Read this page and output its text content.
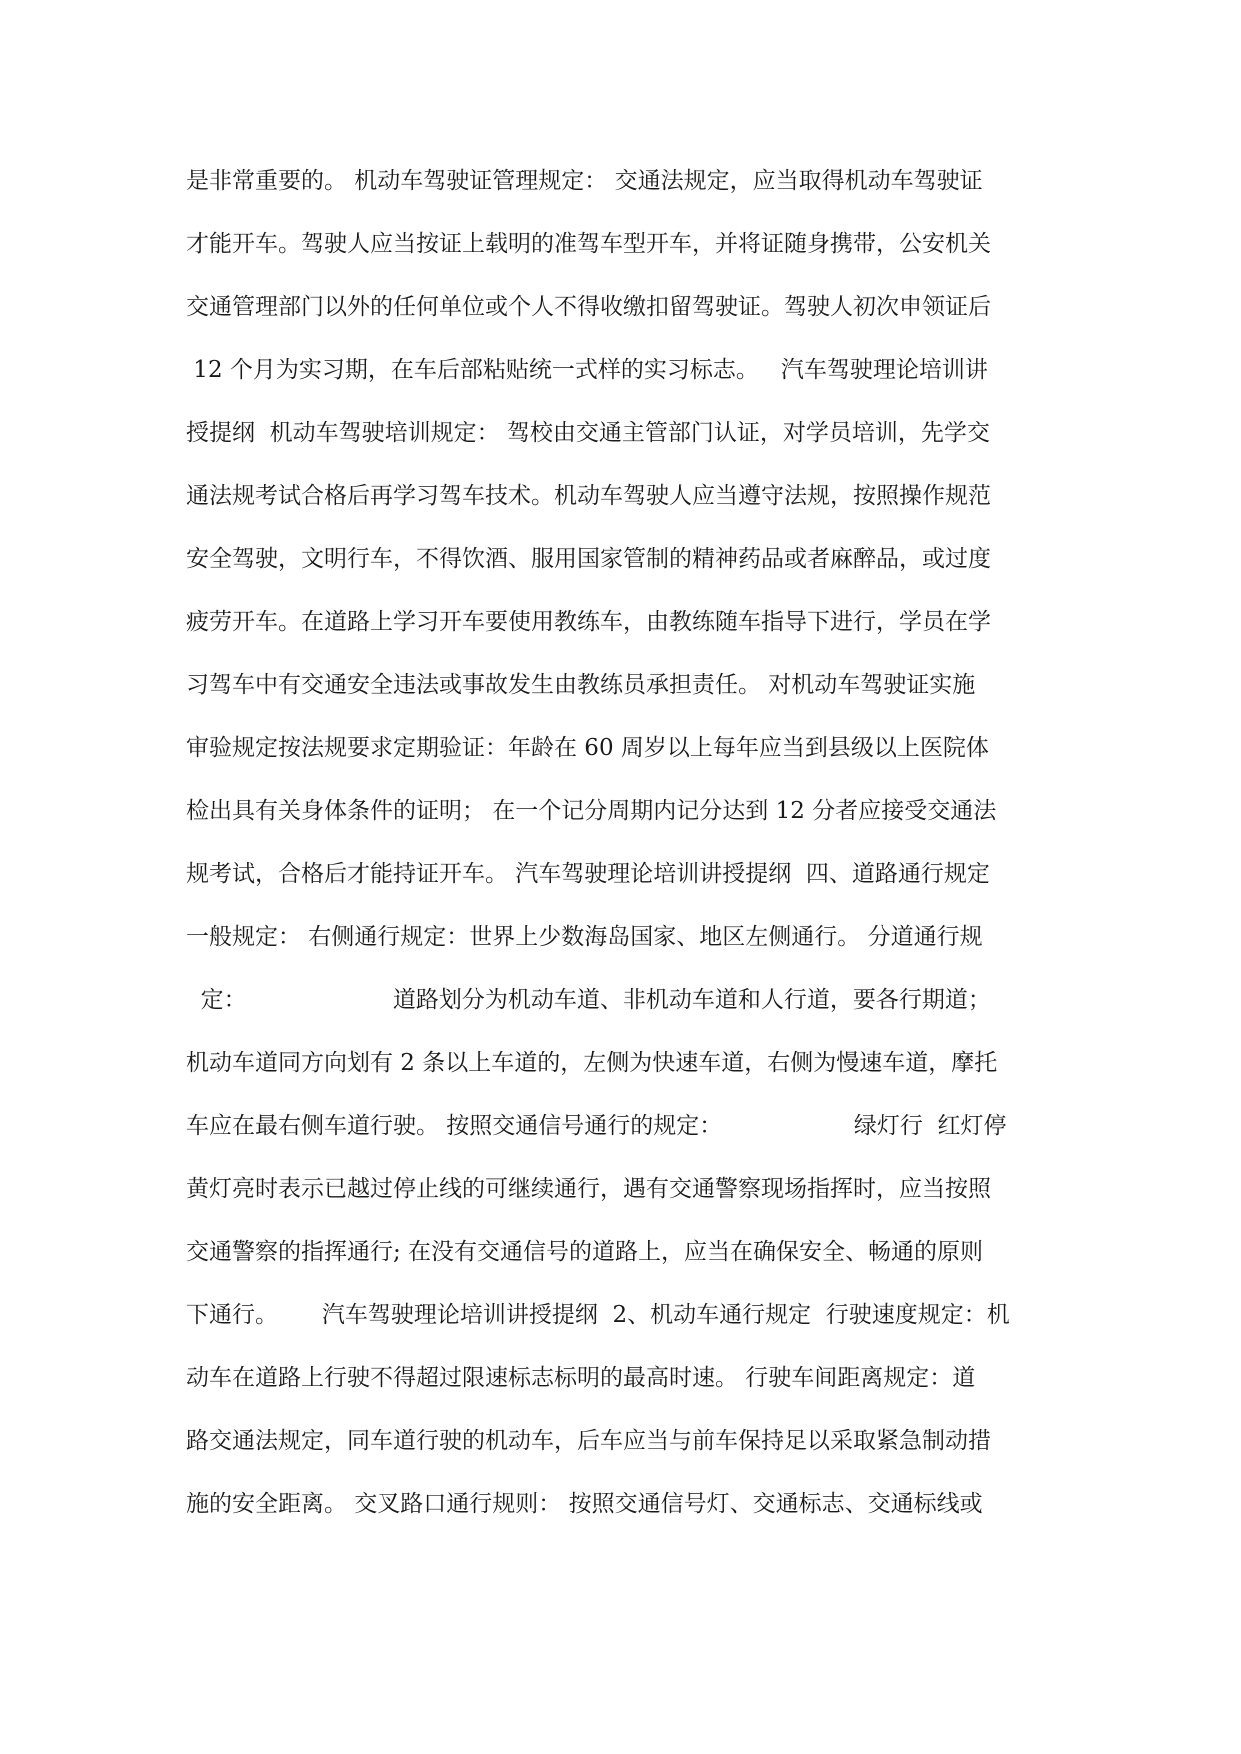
是非常重要的。 机动车驾驶证管理规定： 交通法规定，应当取得机动车驾驶证
才能开车。驾驶人应当按证上载明的准驾车型开车，并将证随身携带，公安机关
交通管理部门以外的任何单位或个人不得收缴扣留驾驶证。驾驶人初次申领证后
12 个月为实习期，在车后部粘贴统一式样的实习标志。   汽车驾驶理论培训讲
授提纲  机动车驾驶培训规定： 驾校由交通主管部门认证，对学员培训，先学交
通法规考试合格后再学习驾车技术。机动车驾驶人应当遵守法规，按照操作规范
安全驾驶，文明行车，不得饮酒、服用国家管制的精神药品或者麻醉品，或过度
疲劳开车。在道路上学习开车要使用教练车，由教练随车指导下进行，学员在学
习驾车中有交通安全违法或事故发生由教练员承担责任。 对机动车驾驶证实施
审验规定按法规要求定期验证：年龄在 60 周岁以上每年应当到县级以上医院体
检出具有关身体条件的证明； 在一个记分周期内记分达到 12 分者应接受交通法
规考试，合格后才能持证开车。 汽车驾驶理论培训讲授提纲  四、道路通行规定
一般规定： 右侧通行规定：世界上少数海岛国家、地区左侧通行。 分道通行规
定：                    道路划分为机动车道、非机动车道和人行道，要各行期道；
机动车道同方向划有 2 条以上车道的，左侧为快速车道，右侧为慢速车道，摩托
车应在最右侧车道行驶。 按照交通信号通行的规定：                  绿灯行  红灯停
黄灯亮时表示已越过停止线的可继续通行，遇有交通警察现场指挥时，应当按照
交通警察的指挥通行; 在没有交通信号的道路上，应当在确保安全、畅通的原则
下通行。      汽车驾驶理论培训讲授提纲  2、机动车通行规定  行驶速度规定：机
动车在道路上行驶不得超过限速标志标明的最高时速。 行驶车间距离规定：道
路交通法规定，同车道行驶的机动车，后车应当与前车保持足以采取紧急制动措
施的安全距离。 交叉路口通行规则： 按照交通信号灯、交通标志、交通标线或
